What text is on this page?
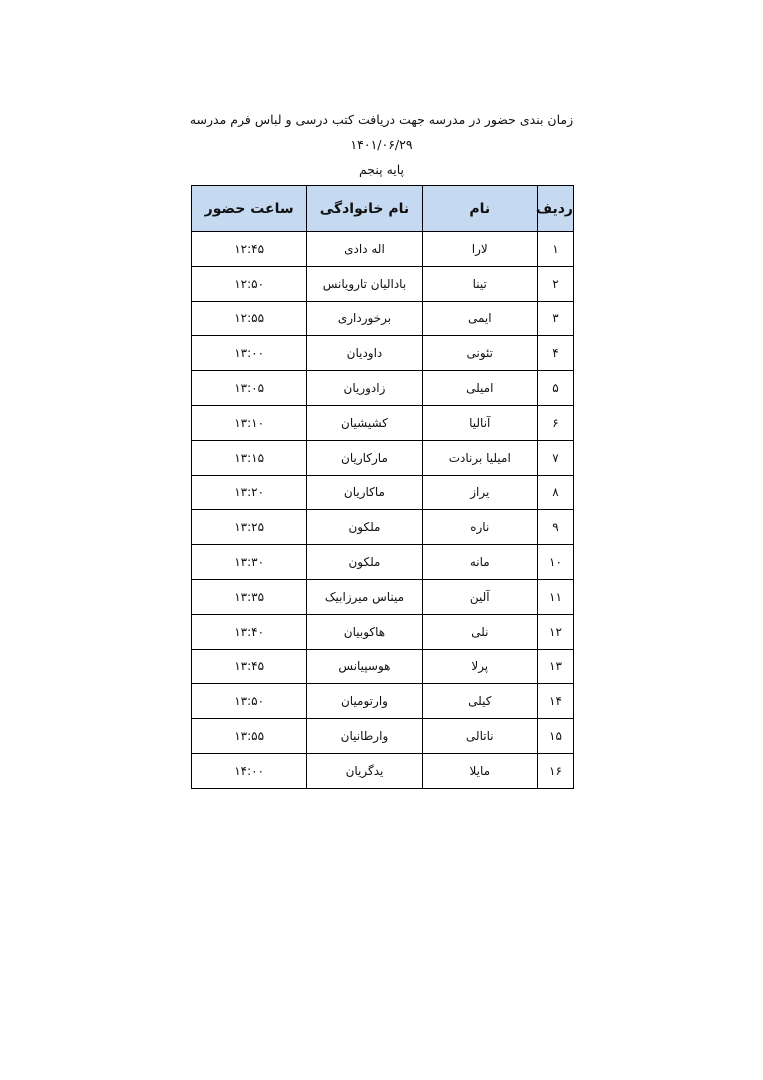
زمان بندی حضور در مدرسه جهت دریافت کتب درسی و لباس فرم مدرسه
۱۴۰۱/۰۶/۲۹
پایه پنجم
ردیف	نام	نام خانوادگی	ساعت حضور
۱	لارا	اله دادی	۱۲:۴۵
۲	تینا	بادالیان تارویانس	۱۲:۵۰
۳	ایمی	برخورداری	۱۲:۵۵
۴	تئونی	داودیان	۱۳:۰۰
۵	امیلی	زادوریان	۱۳:۰۵
۶	آنالیا	کشیشیان	۱۳:۱۰
۷	امیلیا برنادت	مارکاریان	۱۳:۱۵
۸	یراز	ماکاریان	۱۳:۲۰
۹	ناره	ملکون	۱۳:۲۵
۱۰	مانه	ملکون	۱۳:۳۰
۱۱	آلین	میناس میرزابیک	۱۳:۳۵
۱۲	نلی	هاکوبیان	۱۳:۴۰
۱۳	پرلا	هوسپیانس	۱۳:۴۵
۱۴	کیلی	وارتومیان	۱۳:۵۰
۱۵	ناتالی	وارطانیان	۱۳:۵۵
۱۶	مایلا	یدگریان	۱۴:۰۰
